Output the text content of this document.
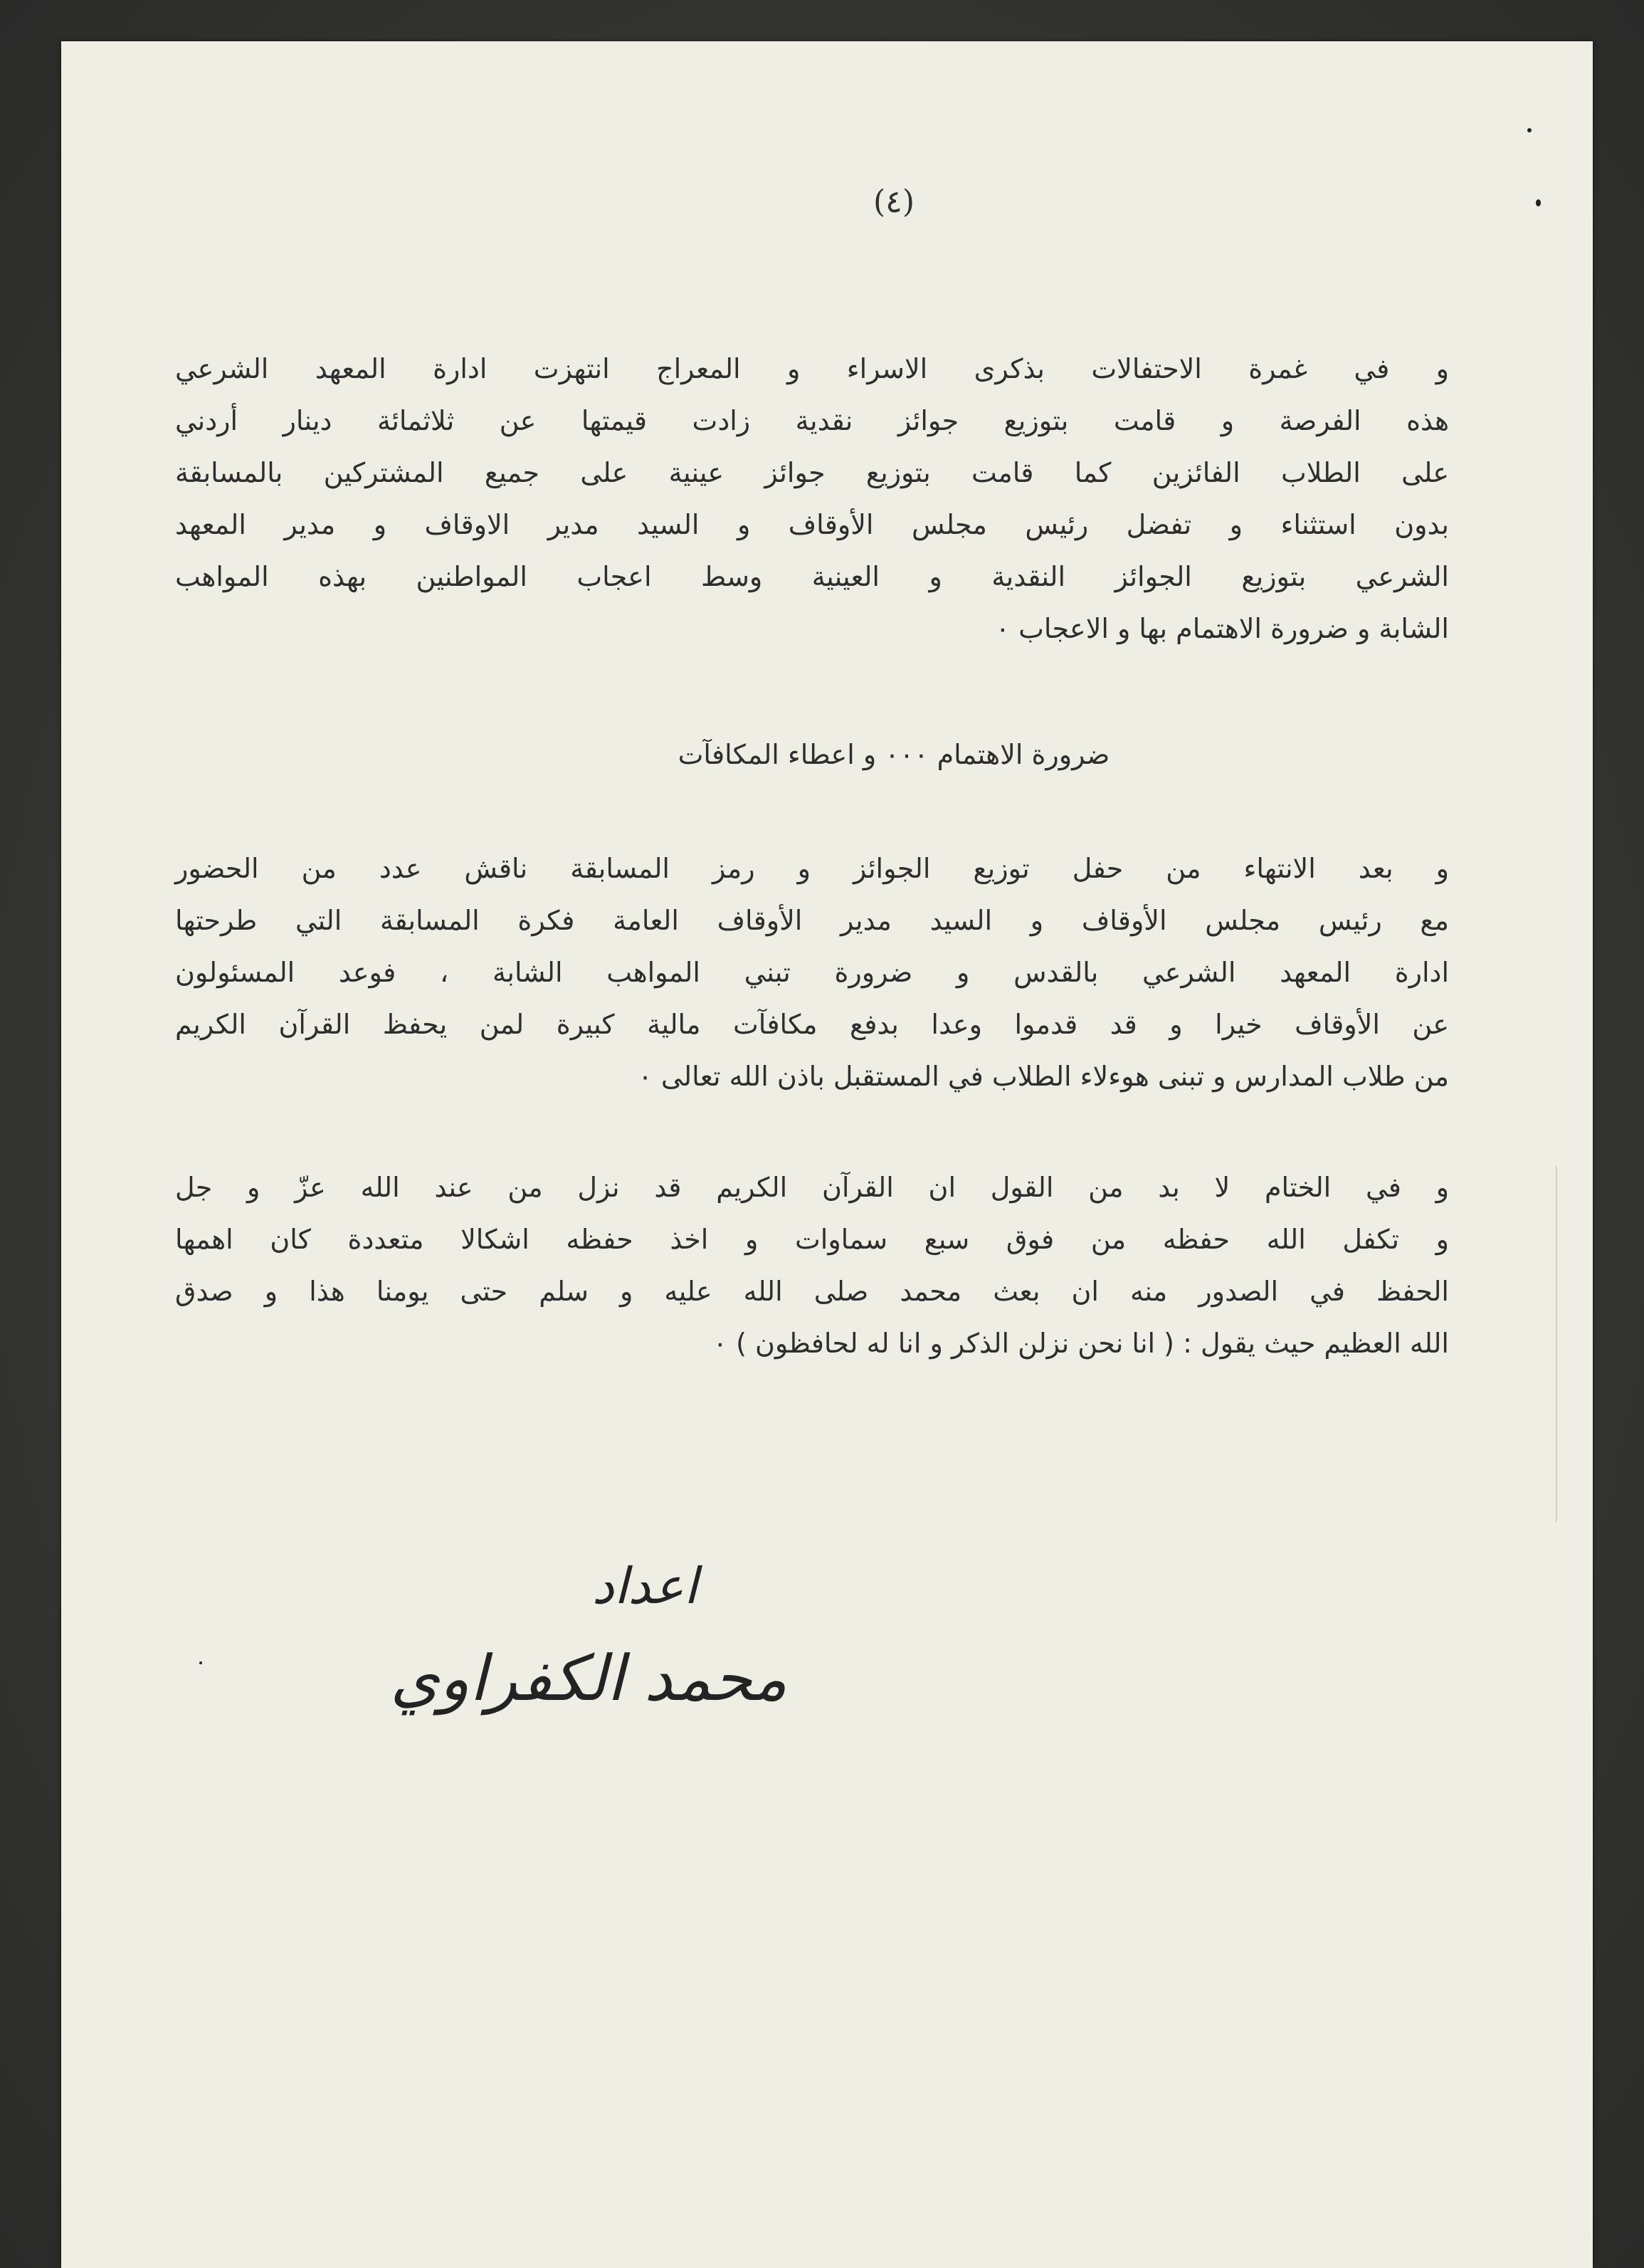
(٤)
و في غمرة الاحتفالات بذكرى الاسراء و المعراج انتهزت ادارة المعهد الشرعي
هذه الفرصة و قامت بتوزيع جوائز نقدية زادت قيمتها عن ثلاثمائة دينار أردني
على الطلاب الفائزين كما قامت بتوزيع جوائز عينية على جميع المشتركين بالمسابقة
بدون استثناء و تفضل رئيس مجلس الأوقاف و السيد مدير الاوقاف و مدير المعهد
الشرعي بتوزيع الجوائز النقدية و العينية وسط اعجاب المواطنين بهذه المواهب
الشابة و ضرورة الاهتمام بها و الاعجاب ٠
ضرورة الاهتمام ٠٠٠ و اعطاء المكافآت
و بعد الانتهاء من حفل توزيع الجوائز و رمز المسابقة ناقش عدد من الحضور
مع رئيس مجلس الأوقاف و السيد مدير الأوقاف العامة فكرة المسابقة التي طرحتها
ادارة المعهد الشرعي بالقدس و ضرورة تبني المواهب الشابة ، فوعد المسئولون
عن الأوقاف خيرا و قد قدموا وعدا بدفع مكافآت مالية كبيرة لمن يحفظ القرآن الكريم
من طلاب المدارس و تبنى هوءلاء الطلاب في المستقبل باذن الله تعالى ٠
و في الختام لا بد من القول ان القرآن الكريم قد نزل من عند الله عزّ و جل
و تكفل الله حفظه من فوق سبع سماوات و اخذ حفظه اشكالا متعددة كان اهمها
الحفظ في الصدور منه ان بعث محمد صلى الله عليه و سلم حتى يومنا هذا و صدق
الله العظيم حيث يقول : ( انا نحن نزلن الذكر و انا له لحافظون ) ٠
اعداد
محمد الكفراوي
